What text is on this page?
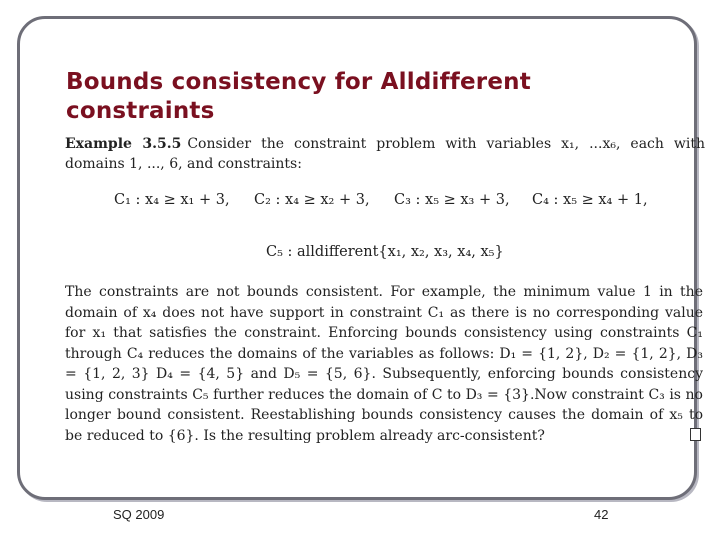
Bounds consistency for Alldifferent constraints
Example 3.5.5 Consider the constraint problem with variables x₁, ...x₆, each with domains 1, ..., 6, and constraints:
C₁ : x₄ ≥ x₁ + 3, C₂ : x₄ ≥ x₂ + 3, C₃ : x₅ ≥ x₃ + 3, C₄ : x₅ ≥ x₄ + 1,
C₅ : alldifferent{x₁, x₂, x₃, x₄, x₅}
The constraints are not bounds consistent. For example, the minimum value 1 in the domain of x₄ does not have support in constraint C₁ as there is no corresponding value for x₁ that satisfies the constraint. Enforcing bounds consistency using constraints C₁ through C₄ reduces the domains of the variables as follows: D₁ = {1, 2}, D₂ = {1, 2}, D₃ = {1, 2, 3} D₄ = {4, 5} and D₅ = {5, 6}. Subsequently, enforcing bounds consistency using constraints C₅ further reduces the domain of C to D₃ = {3}.Now constraint C₃ is no longer bound consistent. Reestablishing bounds consistency causes the domain of x₅ to be reduced to {6}. Is the resulting problem already arc-consistent?
SQ 2009	42
